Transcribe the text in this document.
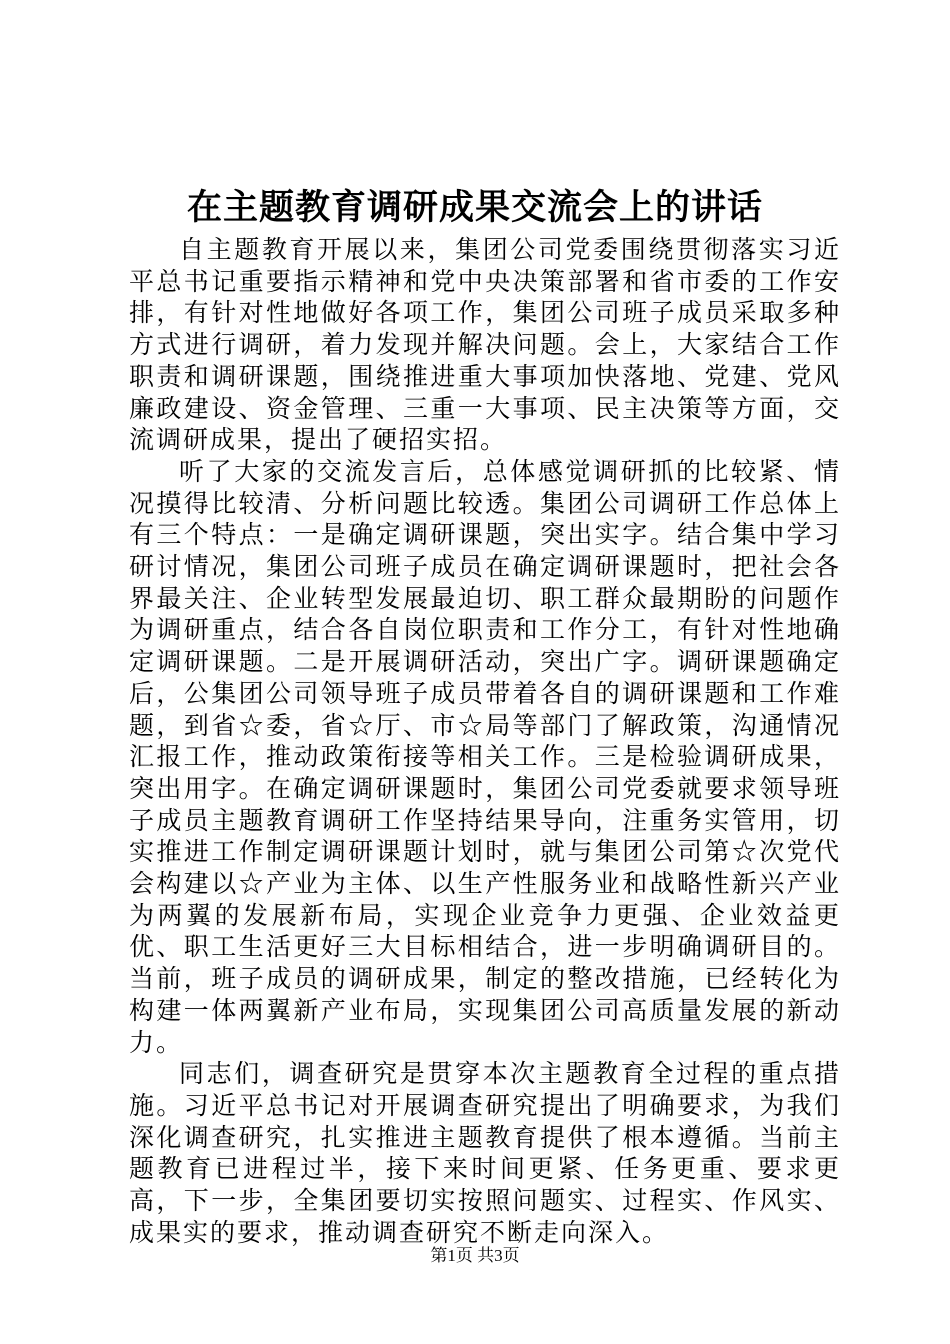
在主题教育调研成果交流会上的讲话

自主题教育开展以来，集团公司党委围绕贯彻落实习近平总书记重要指示精神和党中央决策部署和省市委的工作安排，有针对性地做好各项工作，集团公司班子成员采取多种方式进行调研，着力发现并解决问题。会上，大家结合工作职责和调研课题，围绕推进重大事项加快落地、党建、党风廉政建设、资金管理、三重一大事项、民主决策等方面，交流调研成果，提出了硬招实招。

听了大家的交流发言后，总体感觉调研抓的比较紧、情况摸得比较清、分析问题比较透。集团公司调研工作总体上有三个特点：一是确定调研课题，突出实字。结合集中学习研讨情况，集团公司班子成员在确定调研课题时，把社会各界最关注、企业转型发展最迫切、职工群众最期盼的问题作为调研重点，结合各自岗位职责和工作分工，有针对性地确定调研课题。二是开展调研活动，突出广字。调研课题确定后，公集团公司领导班子成员带着各自的调研课题和工作难题，到省☆委，省☆厅、市☆局等部门了解政策，沟通情况汇报工作，推动政策衔接等相关工作。三是检验调研成果，突出用字。在确定调研课题时，集团公司党委就要求领导班子成员主题教育调研工作坚持结果导向，注重务实管用，切实推进工作制定调研课题计划时，就与集团公司第☆次党代会构建以☆产业为主体、以生产性服务业和战略性新兴产业为两翼的发展新布局，实现企业竞争力更强、企业效益更优、职工生活更好三大目标相结合，进一步明确调研目的。当前，班子成员的调研成果，制定的整改措施，已经转化为构建一体两翼新产业布局，实现集团公司高质量发展的新动力。

同志们，调查研究是贯穿本次主题教育全过程的重点措施。习近平总书记对开展调查研究提出了明确要求，为我们深化调查研究，扎实推进主题教育提供了根本遵循。当前主题教育已进程过半，接下来时间更紧、任务更重、要求更高，下一步，全集团要切实按照问题实、过程实、作风实、成果实的要求，推动调查研究不断走向深入。

第1页 共3页
